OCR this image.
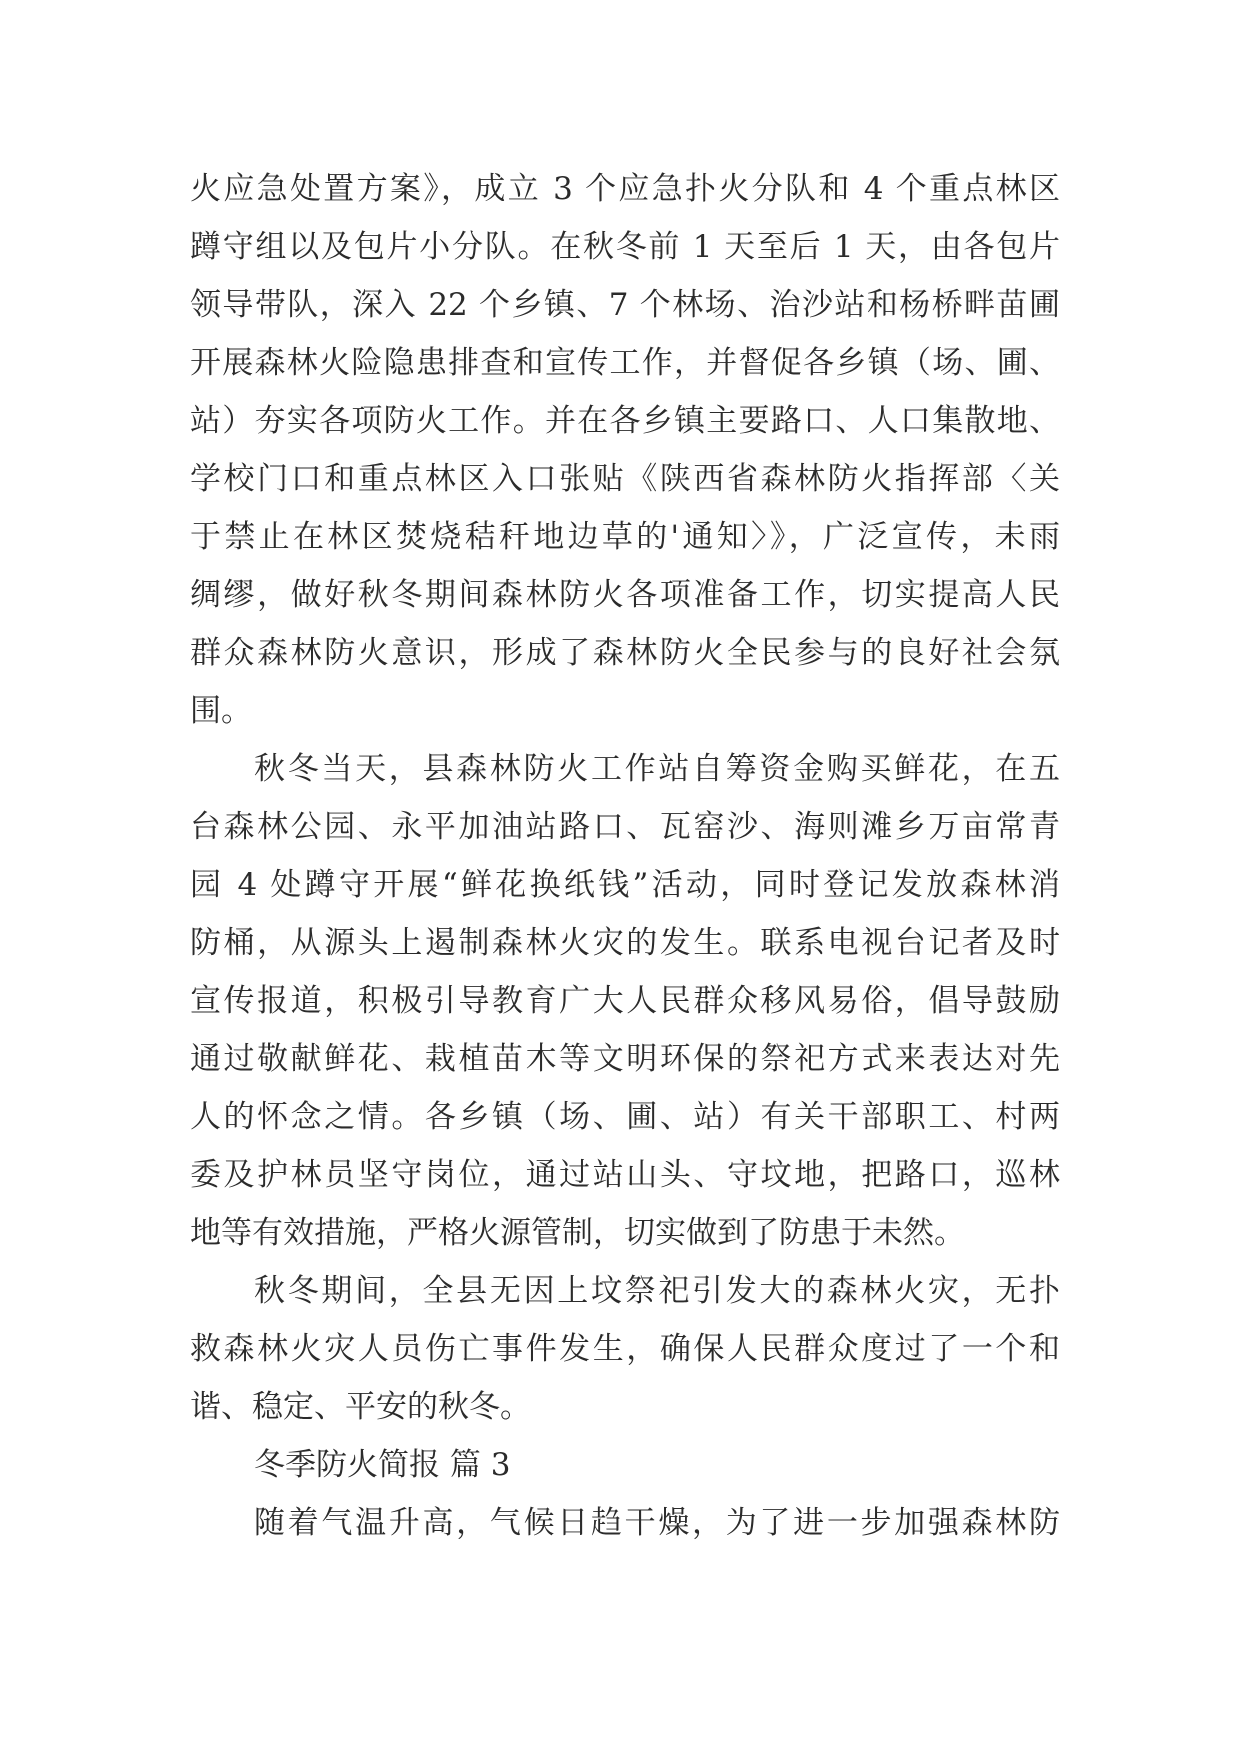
火应急处置方案》，成立 3 个应急扑火分队和 4 个重点林区
蹲守组以及包片小分队。在秋冬前 1 天至后 1 天，由各包片
领导带队，深入 22 个乡镇、7 个林场、治沙站和杨桥畔苗圃
开展森林火险隐患排查和宣传工作，并督促各乡镇（场、圃、
站）夯实各项防火工作。并在各乡镇主要路口、人口集散地、
学校门口和重点林区入口张贴《陕西省森林防火指挥部〈关
于禁止在林区焚烧秸秆地边草的'通知〉》，广泛宣传，未雨
绸缪，做好秋冬期间森林防火各项准备工作，切实提高人民
群众森林防火意识，形成了森林防火全民参与的良好社会氛
围。
秋冬当天，县森林防火工作站自筹资金购买鲜花，在五
台森林公园、永平加油站路口、瓦窑沙、海则滩乡万亩常青
园 4 处蹲守开展“鲜花换纸钱”活动，同时登记发放森林消
防桶，从源头上遏制森林火灾的发生。联系电视台记者及时
宣传报道，积极引导教育广大人民群众移风易俗，倡导鼓励
通过敬献鲜花、栽植苗木等文明环保的祭祀方式来表达对先
人的怀念之情。各乡镇（场、圃、站）有关干部职工、村两
委及护林员坚守岗位，通过站山头、守坟地，把路口，巡林
地等有效措施，严格火源管制，切实做到了防患于未然。
秋冬期间，全县无因上坟祭祀引发大的森林火灾，无扑
救森林火灾人员伤亡事件发生，确保人民群众度过了一个和
谐、稳定、平安的秋冬。
冬季防火简报 篇 3
随着气温升高，气候日趋干燥，为了进一步加强森林防
